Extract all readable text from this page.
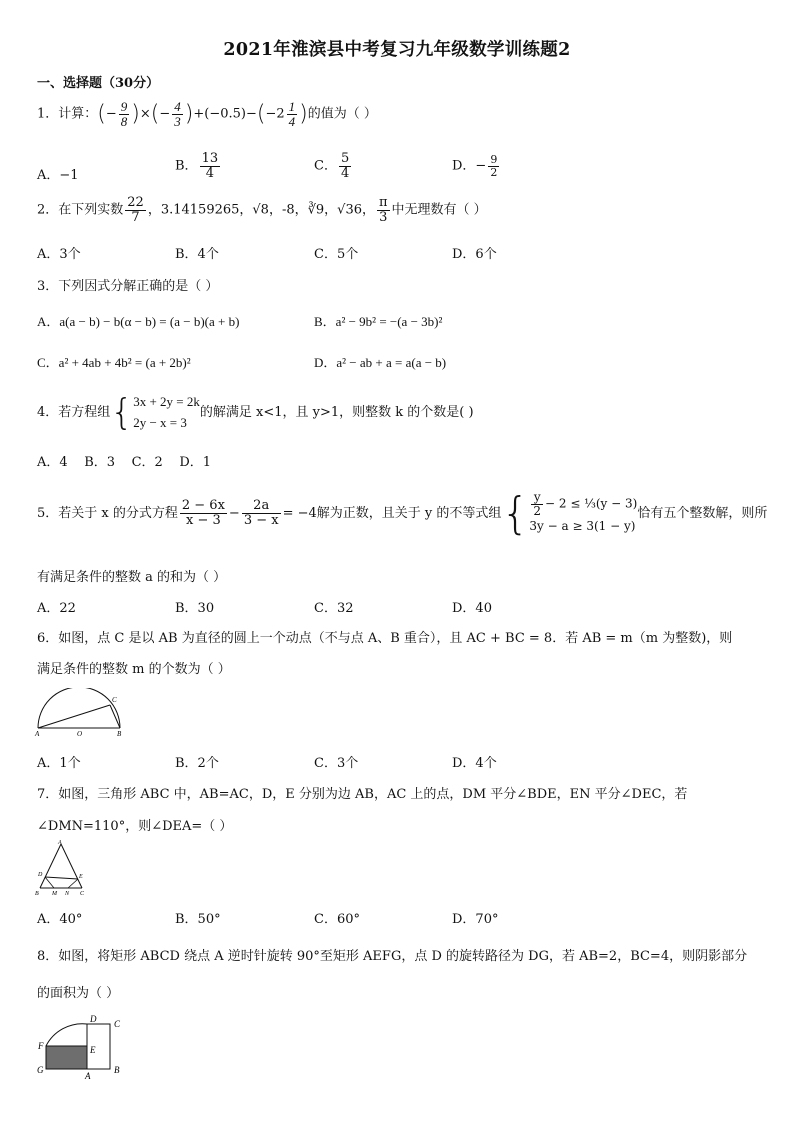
2021年淮滨县中考复习九年级数学训练题2
一、选择题（30分）
1．计算：(− $\frac{9}{8}$ )×(− $\frac{4}{3} )+(-0.5)-(-2 \frac{1}{4}$ )的值为（ ）
A．−1
B． $\frac{13}{4}$	C． $\frac{5}{4}$	D．− $\frac{9}{2}$
2．在下列实数 $\frac{22}{7}$ ，3.14159265，√8，-8，∛9，√36， $\frac{\pi}{3}$ 中无理数有（ ）
A．3个	B．4个	C．5个	D．6个
3．下列因式分解正确的是（ ）
A．a(a − b) − b(α − b) = (a − b)(a + b)	B．a² − 9b² = −(a − 3b)²
C．a² + 4ab + 4b² = (a + 2b)²	D．a² − ab + a = a(a − b)
4．若方程组{3x + 2y = 2k
2y − x = 3的解满足 x<1，且 y>1，则整数 k 的个数是( )
A．4 B．3 C．2 D．1
5．若关于 x 的分式方程 $\frac{2 - 6x}{x - 3} - \frac{2a}{3 - x} = -4$解为正数，且关于 y 的不等式组{ $\frac{y}{2} - 2$ ≤ ⅓(y − 3)
3y − a ≥ 3(1 − y)恰有五个整数解，则所
有满足条件的整数 a 的和为（ ）
A．22	B．30	C．32	D．40
6．如图，点 C 是以 AB 为直径的圆上一个动点（不与点 A、B 重合），且 AC + BC = 8．若 AB = m（m 为整数)，则
满足条件的整数 m 的个数为（ ）
A	O	B
C
A．1个	B．2个	C．3个	D．4个
7．如图，三角形 ABC 中，AB=AC，D，E 分别为边 AB，AC 上的点，DM 平分∠BDE，EN 平分∠DEC，若
∠DMN=110°，则∠DEA=（ ）
A
D	E
B M N C
A．40°	B．50°	C．60°	D．70°
8．如图，将矩形 ABCD 绕点 A 逆时针旋转 90°至矩形 AEFG，点 D 的旋转路径为 DG，若 AB=2，BC=4，则阴影部分
的面积为（ ）
D C
F	E
G
A
B
